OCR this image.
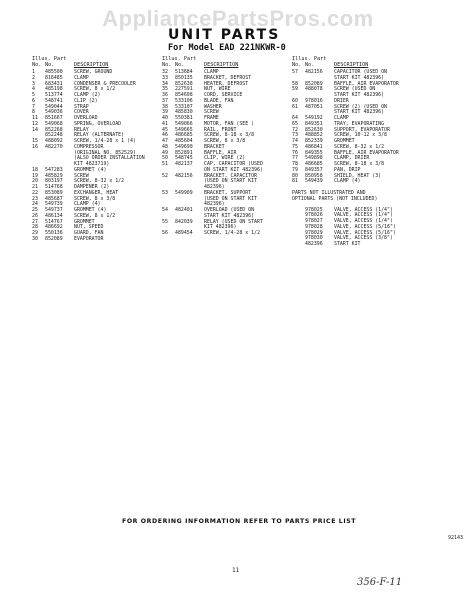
AppliancePartsPros.com
UNIT PARTS
For Model EAD 221NKWR-0
Illus. Part
No. No.	DESCRIPTION
1	485500	SCREW, GROUND
2	816485	CLAMP
3	683431	CONDENSER & PRECOOLER
4	485198	SCREW, 8 x 1/2
5	513774	CLAMP (2)
6	548741	CLIP (2)
7	549044	STRAP
8	549036	COVER
11	851667	OVERLOAD
12	549068	SPRING, OVERLOAD
14	852268	RELAY
852248	RELAY (ALTERNATE)
15	488092	SCREW, 1/4-28 x 1 (4)
16	482270	COMPRESSOR
(ORIGINAL NO. 852529)
(ALSO ORDER INSTALLATION
KIT 4823719)
18	547283	GROMMET (4)
19	485829	SCREW
20	803197	SCREW, 8-32 x 1/2
21	514768	DAMPENER (2)
22	853089	EXCHANGER, HEAT
23	485687	SCREW, 8 x 3/8
24	549739	CLAMP (4)
25	549737	GROMMET (4)
26	486134	SCREW, 8 x 1/2
27	514767	GROMMET
28	486692	NUT, SPEED
29	550136	GUARD, FAN
30	852089	EVAPORATOR
Illus. Part
No. No.	DESCRIPTION
32	513684	CLAMP
33	850135	BRACKET, DEFROST
34	852638	HEATER, DEFROST
35	227591	NUT, WIRE
36	854608	CORD, SERVICE
37	533106	BLADE, FAN
38	533107	WASHER
39	485830	SCREW
40	550381	FRAME
41	549066	MOTOR, FAN (SEE )
45	549665	RAIL, FRONT
46	486685	SCREW, 8-18 x 3/8
47	485604	SCREW, 8 x 3/8
48	549690	BRACKET
49	852891	BAFFLE, AIR
50	548745	CLIP, WIRE (2)
51	482137	CAP, CAPACITOR (USED
ON START KIT 482396)
52	482156	BRACKET, CAPACITOR
(USED ON START KIT
482396)
53	549909	BRACKET, SUPPORT
(USED ON START KIT
482396)
54	482401	OVERLOAD (USED ON
START KIT 482396)
55	842039	RELAY (USED ON START
KIT 482396)
56	489454	SCREW, 1/4-28 x 1/2
Illus. Part
No. No.	DESCRIPTION
57	482156	CAPACITOR (USED ON
START KIT 482396)
58	852089	BAFFLE, AIR EVAPORATOR
59	488078	SCREW (USED ON
START KIT 482396)
60	978016	DRIER
61	487051	SCREW (2) (USED ON
START KIT 482396)
64	549192	CLAMP
65	849351	TRAY, EVAPORATING
72	852630	SUPPORT, EVAPORATOR
73	488852	SCREW, 10-12 x 3/8
74	852339	GROMMET
75	486841	SCREW, 8-32 x 1/2
76	849355	BAFFLE, AIR EVAPORATOR
77	549898	CLAMP, DRIER
78	486685	SCREW, 8-18 x 3/8
79	849357	PAN, DRIP
80	850958	SHIELD, HEAT (3)
81	549439	CLAMP (4)
PARTS NOT ILLUSTRATED AND
OPTIONAL PARTS (NOT INCLUDED)
978025	VALVE, ACCESS (1/4")
978026	VALVE, ACCESS (1/4")
978027	VALVE, ACCESS (1/4")
978028	VALVE, ACCESS (5/16")
978029	VALVE, ACCESS (5/16")
978030	VALVE, ACCESS (3/8")
482396	START KIT
FOR ORDERING INFORMATION REFER TO PARTS PRICE LIST
92143
11
356-F-11
